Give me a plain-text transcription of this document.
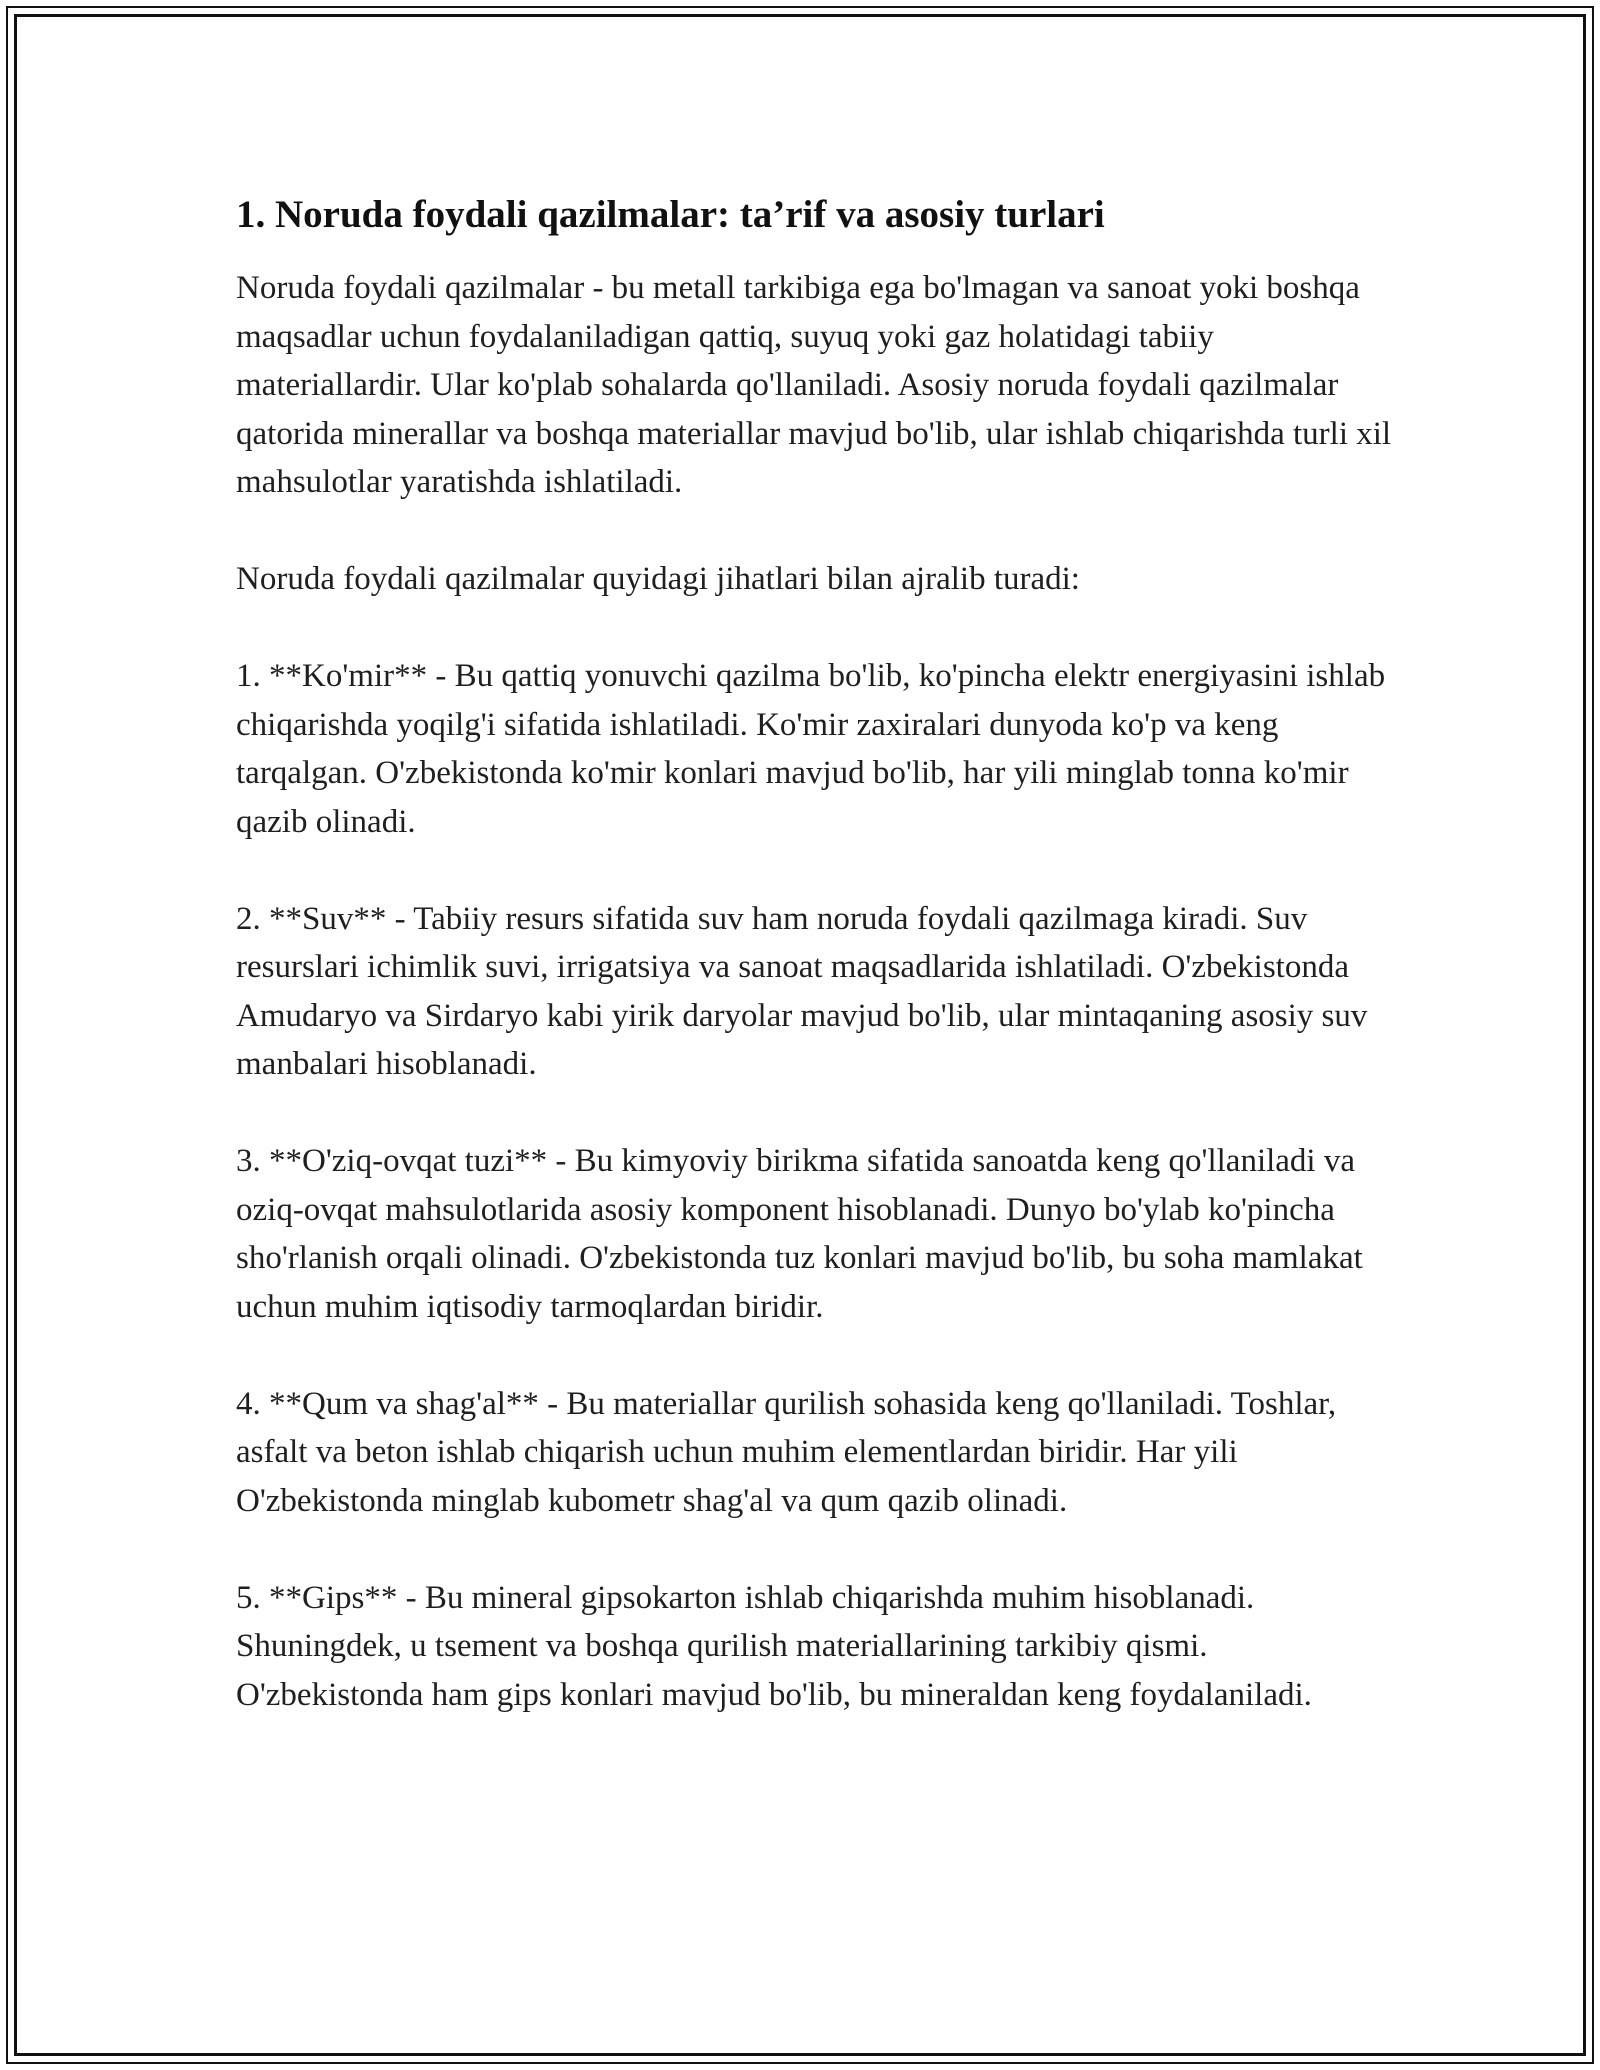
1. Noruda foydali qazilmalar: ta’rif va asosiy turlari

Noruda foydali qazilmalar - bu metall tarkibiga ega bo'lmagan va sanoat yoki boshqa maqsadlar uchun foydalaniladigan qattiq, suyuq yoki gaz holatidagi tabiiy materiallardir. Ular ko'plab sohalarda qo'llaniladi. Asosiy noruda foydali qazilmalar qatorida minerallar va boshqa materiallar mavjud bo'lib, ular ishlab chiqarishda turli xil mahsulotlar yaratishda ishlatiladi.

Noruda foydali qazilmalar quyidagi jihatlari bilan ajralib turadi:

1. **Ko'mir** - Bu qattiq yonuvchi qazilma bo'lib, ko'pincha elektr energiyasini ishlab chiqarishda yoqilg'i sifatida ishlatiladi. Ko'mir zaxiralari dunyoda ko'p va keng tarqalgan. O'zbekistonda ko'mir konlari mavjud bo'lib, har yili minglab tonna ko'mir qazib olinadi.

2. **Suv** - Tabiiy resurs sifatida suv ham noruda foydali qazilmaga kiradi. Suv resurslari ichimlik suvi, irrigatsiya va sanoat maqsadlarida ishlatiladi. O'zbekistonda Amudaryo va Sirdaryo kabi yirik daryolar mavjud bo'lib, ular mintaqaning asosiy suv manbalari hisoblanadi.

3. **O'ziq-ovqat tuzi** - Bu kimyoviy birikma sifatida sanoatda keng qo'llaniladi va oziq-ovqat mahsulotlarida asosiy komponent hisoblanadi. Dunyo bo'ylab ko'pincha sho'rlanish orqali olinadi. O'zbekistonda tuz konlari mavjud bo'lib, bu soha mamlakat uchun muhim iqtisodiy tarmoqlardan biridir.

4. **Qum va shag'al** - Bu materiallar qurilish sohasida keng qo'llaniladi. Toshlar, asfalt va beton ishlab chiqarish uchun muhim elementlardan biridir. Har yili O'zbekistonda minglab kubometr shag'al va qum qazib olinadi.

5. **Gips** - Bu mineral gipsokarton ishlab chiqarishda muhim hisoblanadi. Shuningdek, u tsement va boshqa qurilish materiallarining tarkibiy qismi. O'zbekistonda ham gips konlari mavjud bo'lib, bu mineraldan keng foydalaniladi.
